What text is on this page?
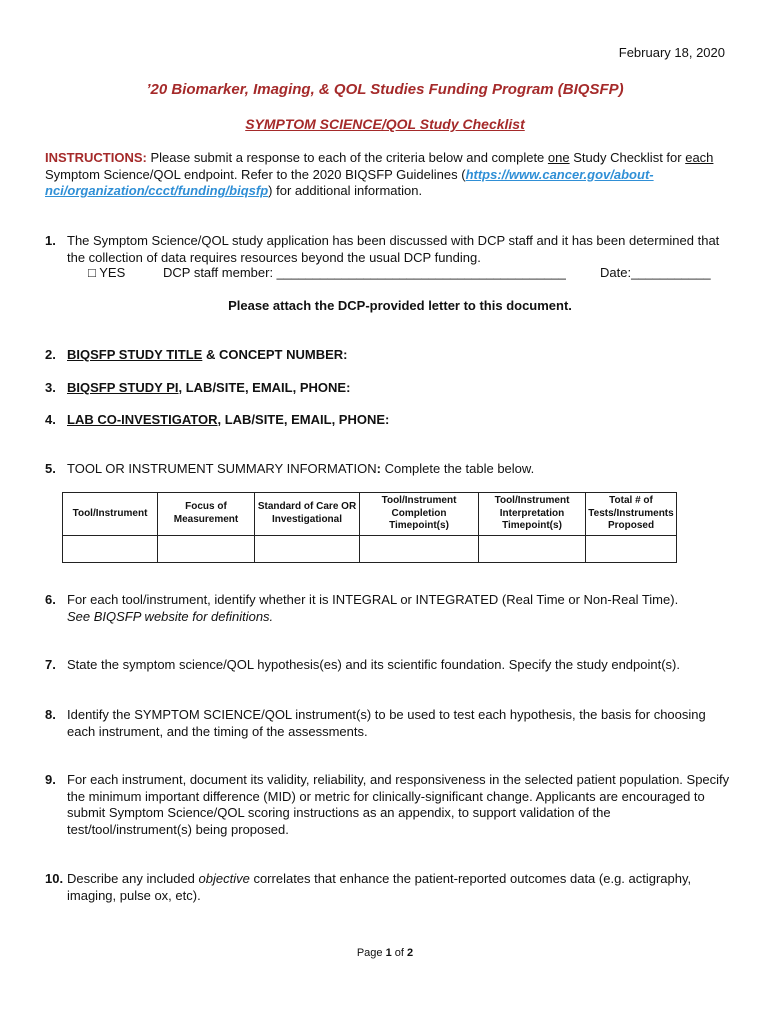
February 18, 2020
’20 Biomarker, Imaging, & QOL Studies Funding Program (BIQSFP)
SYMPTOM SCIENCE/QOL Study Checklist
INSTRUCTIONS: Please submit a response to each of the criteria below and complete one Study Checklist for each Symptom Science/QOL endpoint. Refer to the 2020 BIQSFP Guidelines (https://www.cancer.gov/about-nci/organization/ccct/funding/biqsfp) for additional information.
1. The Symptom Science/QOL study application has been discussed with DCP staff and it has been determined that the collection of data requires resources beyond the usual DCP funding.
□ YES	DCP staff member: ________________________________________	Date:___________
Please attach the DCP-provided letter to this document.
2. BIQSFP STUDY TITLE & CONCEPT NUMBER:
3. BIQSFP STUDY PI, LAB/SITE, EMAIL, PHONE:
4. LAB CO-INVESTIGATOR, LAB/SITE, EMAIL, PHONE:
5. TOOL OR INSTRUMENT SUMMARY INFORMATION: Complete the table below.
Tool/Instrument	Focus of Measurement	Standard of Care OR Investigational	Tool/Instrument Completion Timepoint(s)	Tool/Instrument Interpretation Timepoint(s)	Total # of Tests/Instruments Proposed

6. For each tool/instrument, identify whether it is INTEGRAL or INTEGRATED (Real Time or Non-Real Time).
See BIQSFP website for definitions.
7. State the symptom science/QOL hypothesis(es) and its scientific foundation. Specify the study endpoint(s).
8. Identify the SYMPTOM SCIENCE/QOL instrument(s) to be used to test each hypothesis, the basis for choosing each instrument, and the timing of the assessments.
9. For each instrument, document its validity, reliability, and responsiveness in the selected patient population. Specify the minimum important difference (MID) or metric for clinically-significant change. Applicants are encouraged to submit Symptom Science/QOL scoring instructions as an appendix, to support validation of the test/tool/instrument(s) being proposed.
10. Describe any included objective correlates that enhance the patient-reported outcomes data (e.g. actigraphy, imaging, pulse ox, etc).
Page 1 of 2
